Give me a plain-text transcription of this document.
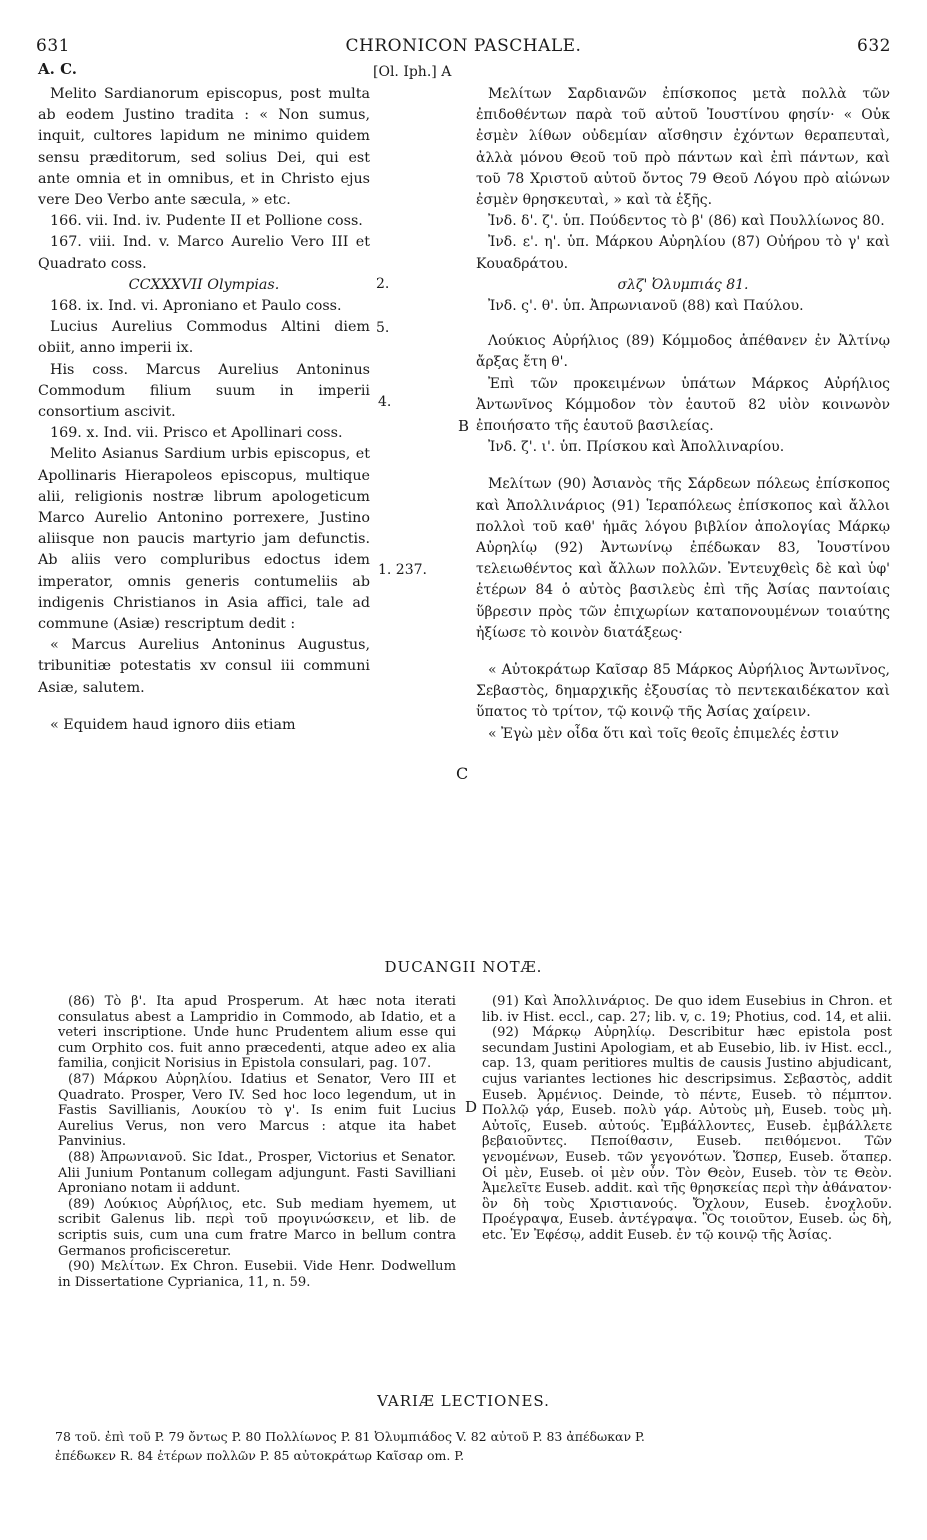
631	CHRONICON PASCHALE.	632
A. C.	[Ol. Iph.] A

Melito Sardianorum episcopus, post multa ab eodem Justino tradita : « Non sumus, inquit, cultores lapidum ne minimo quidem sensu præditorum, sed solius Dei, qui est ante omnia et in omnibus, et in Christo ejus vere Deo Verbo ante sæcula, » etc.

166. vii. Ind. iv. Pudente II et Pollione coss.

167. viii. Ind. v. Marco Aurelio Vero III et Quadrato coss.

CCXXXVII Olympias.

168. ix. Ind. vi. Aproniano et Paulo coss.

Lucius Aurelius Commodus Altini diem obiit, anno imperii ix.

His coss. Marcus Aurelius Antoninus Commodum filium suum in imperii consortium ascivit.

169. x. Ind. vii. Prisco et Apollinari coss.

Melito Asianus Sardium urbis episcopus, et Apollinaris Hierapoleos episcopus, multique alii, religionis nostræ librum apologeticum Marco Aurelio Antonino porrexere, Justino aliisque non paucis martyrio jam defunctis. Ab aliis vero compluribus edoctus idem imperator, omnis generis contumeliis ab indigenis Christianos in Asia affici, tale ad commune (Asiæ) rescriptum dedit :

« Marcus Aurelius Antoninus Augustus, tribunitiæ potestatis xv consul iii communi Asiæ, salutem.

« Equidem haud ignoro diis etiam

2.
5.
4.
1. 237.
B
C
D

Μελίτων Σαρδιανῶν ἐπίσκοπος μετὰ πολλὰ τῶν ἐπιδοθέντων παρὰ τοῦ αὐτοῦ Ἰουστίνου φησίν· « Οὐκ ἐσμὲν λίθων οὐδεμίαν αἴσθησιν ἐχόντων θεραπευταὶ, ἀλλὰ μόνου Θεοῦ τοῦ πρὸ πάντων καὶ ἐπὶ πάντων, καὶ τοῦ 78 Χριστοῦ αὐτοῦ ὄντος 79 Θεοῦ Λόγου πρὸ αἰώνων ἐσμὲν θρησκευταὶ, » καὶ τὰ ἑξῆς.

Ἰνδ. δ'. ζ'. ὑπ. Πούδεντος τὸ β' (86) καὶ Πουλλίωνος 80.

Ἰνδ. ε'. η'. ὑπ. Μάρκου Αὐρηλίου (87) Οὐήρου τὸ γ' καὶ Κουαδράτου.

σλζ' Ὀλυμπιάς 81.

Ἰνδ. ς'. θ'. ὑπ. Ἀπρωνιανοῦ (88) καὶ Παύλου.

Λούκιος Αὐρήλιος (89) Κόμμοδος ἀπέθανεν ἐν Ἀλτίνῳ ἄρξας ἔτη θ'.

Ἐπὶ τῶν προκειμένων ὑπάτων Μάρκος Αὐρήλιος Ἀντωνῖνος Κόμμοδον τὸν ἑαυτοῦ 82 υἱὸν κοινωνὸν ἐποιήσατο τῆς ἑαυτοῦ βασιλείας.

Ἰνδ. ζ'. ι'. ὑπ. Πρίσκου καὶ Ἀπολλιναρίου.

Μελίτων (90) Ἀσιανὸς τῆς Σάρδεων πόλεως ἐπίσκοπος καὶ Ἀπολλινάριος (91) Ἱεραπόλεως ἐπίσκοπος καὶ ἄλλοι πολλοὶ τοῦ καθ' ἡμᾶς λόγου βιβλίον ἀπολογίας Μάρκῳ Αὐρηλίῳ (92) Ἀντωνίνῳ ἐπέδωκαν 83, Ἰουστίνου τελειωθέντος καὶ ἄλλων πολλῶν. Ἐντευχθεὶς δὲ καὶ ὑφ' ἑτέρων 84 ὁ αὐτὸς βασιλεὺς ἐπὶ τῆς Ἀσίας παντοίαις ὕβρεσιν πρὸς τῶν ἐπιχωρίων καταπονουμένων τοιαύτης ἠξίωσε τὸ κοινὸν διατάξεως·

« Αὐτοκράτωρ Καῖσαρ 85 Μάρκος Αὐρήλιος Ἀντωνῖνος, Σεβαστὸς, δημαρχικῆς ἐξουσίας τὸ πεντεκαιδέκατον καὶ ὕπατος τὸ τρίτον, τῷ κοινῷ τῆς Ἀσίας χαίρειν.

« Ἐγὼ μὲν οἶδα ὅτι καὶ τοῖς θεοῖς ἐπιμελές ἐστιν

DUCANGII NOTÆ.

(86) Τὸ β'. Ita apud Prosperum. At hæc nota iterati consulatus abest a Lampridio in Commodo, ab Idatio, et a veteri inscriptione. Unde hunc Prudentem alium esse qui cum Orphito cos. fuit anno præcedenti, atque adeo ex alia familia, conjicit Norisius in Epistola consulari, pag. 107.

(87) Μάρκου Αὐρηλίου. Idatius et Senator, Vero III et Quadrato. Prosper, Vero IV. Sed hoc loco legendum, ut in Fastis Savillianis, Λουκίου τὸ γ'. Is enim fuit Lucius Aurelius Verus, non vero Marcus : atque ita habet Panvinius.

(88) Ἀπρωνιανοῦ. Sic Idat., Prosper, Victorius et Senator. Alii Junium Pontanum collegam adjungunt. Fasti Savilliani Aproniano notam ii addunt.

(89) Λούκιος Αὐρήλιος, etc. Sub mediam hyemem, ut scribit Galenus lib. περὶ τοῦ προγινώσκειν, et lib. de scriptis suis, cum una cum fratre Marco in bellum contra Germanos proficisceretur.

(90) Μελίτων. Ex Chron. Eusebii. Vide Henr. Dodwellum in Dissertatione Cyprianica, 11, n. 59.

(91) Καὶ Ἀπολλινάριος. De quo idem Eusebius in Chron. et lib. iv Hist. eccl., cap. 27; lib. v, c. 19; Photius, cod. 14, et alii.

(92) Μάρκῳ Αὐρηλίῳ. Describitur hæc epistola post secundam Justini Apologiam, et ab Eusebio, lib. iv Hist. eccl., cap. 13, quam peritiores multis de causis Justino abjudicant, cujus variantes lectiones hic descripsimus. Σεβαστὸς, addit Euseb. Ἀρμένιος. Deinde, τὸ πέντε, Euseb. τὸ πέμπτον. Πολλῷ γάρ, Euseb. πολὺ γάρ. Αὐτοὺς μὴ, Euseb. τοὺς μὴ. Αὐτοῖς, Euseb. αὐτούς. Ἐμβάλλοντες, Euseb. ἐμβάλλετε βεβαιοῦντες. Πεποίθασιν, Euseb. πειθόμενοι. Τῶν γενομένων, Euseb. τῶν γεγονότων. Ὥσπερ, Euseb. ὅταπερ. Οἱ μὲν, Euseb. οἱ μὲν οὖν. Τὸν Θεὸν, Euseb. τὸν τε Θεὸν. Ἀμελεῖτε Euseb. addit. καὶ τῆς θρησκείας περὶ τὴν ἀθάνατον· ὃν δὴ τοὺς Χριστιανούς. Ὄχλουν, Euseb. ἐνοχλοῦν. Προέγραψα, Euseb. ἀντέγραψα. Ὃς τοιοῦτον, Euseb. ὡς δὴ, etc. Ἐν Ἐφέσῳ, addit Euseb. ἐν τῷ κοινῷ τῆς Ἀσίας.

VARIÆ LECTIONES.
78 τοῦ. ἐπὶ τοῦ P. 79 ὄντως P. 80 Πολλίωνος P. 81 Ὀλυμπιάδος V. 82 αὐτοῦ P. 83 ἀπέδωκαν P.
ἐπέδωκεν R. 84 ἑτέρων πολλῶν P. 85 αὐτοκράτωρ Καῖσαρ om. P.
